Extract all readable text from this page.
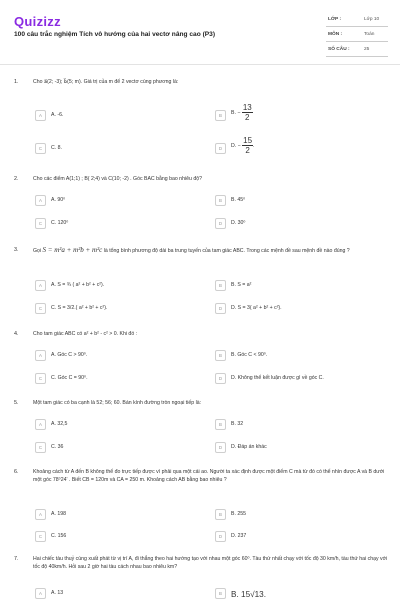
Quizizz
100 câu trắc nghiệm Tích vô hướng của hai vectơ nâng cao (P3)
LỚP :	Lớp 10
MÔN :	Toán
SỐ CÂU :	25
1.	Cho a⃗(2; -3); b⃗(5; m). Giá trị của m để 2 vectơ cùng phương là:
A	A. -6.	B	B. − $\frac{13}{2}$
C	C. 8.	D	D. − $\frac{15}{2}$ .
2.	Cho các điểm A(1;1) ; B( 2;4) và C(10; -2) . Góc BAC bằng bao nhiêu độ?
A	A. 90⁰	B	B. 45⁰
C	C. 120⁰	D	D. 30⁰
3.	Gọi S = m²a + m²b + m²c là tổng bình phương độ dài ba trung tuyến của tam giác ABC. Trong các mệnh đề sau mệnh đề nào đúng ?
A	A. S = ¾ ( a² + b² + c²).	B	B. S = a²
C	C. S = 3/2.( a² + b² + c²).	D	D. S = 3( a² + b² + c²).
4.	Cho tam giác ABC có a² + b² - c² > 0. Khi đó :
A	A. Góc C > 90⁰.	B	B. Góc C < 90⁰.
C	C. Góc C = 90⁰.	D	D. Không thể kết luận được gì về góc C.
5.	Một tam giác có ba cạnh là 52; 56; 60. Bán kính đường tròn ngoại tiếp là:
A	A. 32,5	B	B. 32
C	C. 36	D	D. Đáp án khác
6.	Khoảng cách từ A đến B không thể đo trực tiếp được vì phải qua một cái ao. Người ta xác định được một điểm C mà từ đó có thể nhìn được A và B dưới một góc 78⁰24' . Biết CB = 120m và CA = 250 m. Khoảng cách AB bằng bao nhiêu ?
A	A. 198	B	B. 255
C	C. 156	D	D. 237
7.	Hai chiếc tàu thuỷ cùng xuất phát từ vị trí A, đi thẳng theo hai hướng tạo với nhau một góc 60⁰. Tàu thứ nhất chạy với tốc độ 30 km/h, tàu thứ hai chạy với tốc độ 40km/h. Hỏi sau 2 giờ hai tàu cách nhau bao nhiêu km?
A	A. 13	B	B. 15√13.
